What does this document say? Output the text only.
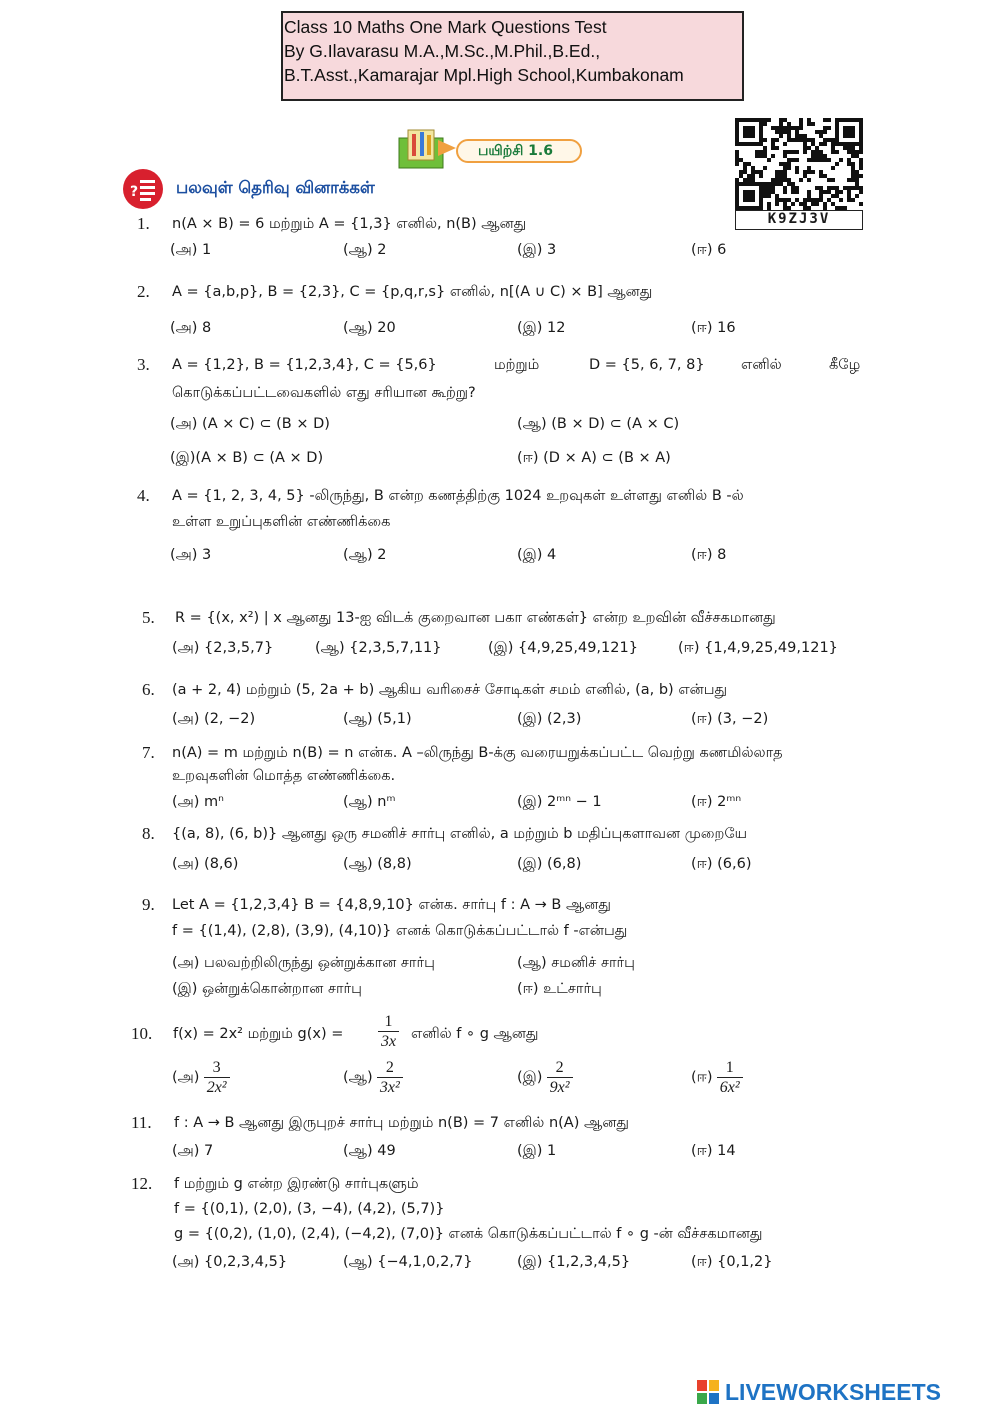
Class 10 Maths One Mark Questions Test
By G.Ilavarasu M.A.,M.Sc.,M.Phil.,B.Ed.,
B.T.Asst.,Kamarajar Mpl.High School,Kumbakonam
பயிற்சி 1.6
K9ZJ3V
? பலவுள் தெரிவு வினாக்கள்
1. n(A × B) = 6 மற்றும் A = {1,3} எனில், n(B) ஆனது
(அ) 1	(ஆ) 2	(இ) 3	(ஈ) 6
2. A = {a,b,p}, B = {2,3}, C = {p,q,r,s} எனில், n[(A ∪ C) × B] ஆனது
(அ) 8	(ஆ) 20	(இ) 12	(ஈ) 16
3. A = {1,2}, B = {1,2,3,4}, C = {5,6}	மற்றும்	D = {5, 6, 7, 8}	எனில்	கீழே
கொடுக்கப்பட்டவைகளில் எது சரியான கூற்று?
(அ) (A × C) ⊂ (B × D)	(ஆ) (B × D) ⊂ (A × C)
(இ)(A × B) ⊂ (A × D)	(ஈ) (D × A) ⊂ (B × A)
4. A = {1, 2, 3, 4, 5} -லிருந்து, B என்ற கணத்திற்கு 1024 உறவுகள் உள்ளது எனில் B -ல்
உள்ள உறுப்புகளின் எண்ணிக்கை
(அ) 3	(ஆ) 2	(இ) 4	(ஈ) 8
5. R = {(x, x²) | x ஆனது 13-ஐ விடக் குறைவான பகா எண்கள்} என்ற உறவின் வீச்சகமானது
(அ) {2,3,5,7}	(ஆ) {2,3,5,7,11}	(இ) {4,9,25,49,121}	(ஈ) {1,4,9,25,49,121}
6. (a + 2, 4) மற்றும் (5, 2a + b) ஆகிய வரிசைச் சோடிகள் சமம் எனில், (a, b) என்பது
(அ) (2, −2)	(ஆ) (5,1)	(இ) (2,3)	(ஈ) (3, −2)
7. n(A) = m மற்றும் n(B) = n என்க. A –லிருந்து B-க்கு வரையறுக்கப்பட்ட வெற்று கணமில்லாத
உறவுகளின் மொத்த எண்ணிக்கை.
(அ) mⁿ	(ஆ) nᵐ	(இ) 2ᵐⁿ − 1	(ஈ) 2ᵐⁿ
8. {(a, 8), (6, b)} ஆனது ஒரு சமனிச் சார்பு எனில், a மற்றும் b மதிப்புகளாவன முறையே
(அ) (8,6)	(ஆ) (8,8)	(இ) (6,8)	(ஈ) (6,6)
9. Let A = {1,2,3,4} B = {4,8,9,10} என்க. சார்பு f : A → B ஆனது
f = {(1,4), (2,8), (3,9), (4,10)} எனக் கொடுக்கப்பட்டால் f -என்பது
(அ) பலவற்றிலிருந்து ஒன்றுக்கான சார்பு	(ஆ) சமனிச் சார்பு
(இ) ஒன்றுக்கொன்றான சார்பு	(ஈ) உட்சார்பு
10. f(x) = 2x² மற்றும் $g(x) = \frac{1}{3x}$ எனில் f ∘ g ஆனது
(அ) $\frac{3}{\text{2x²}}$	(ஆ) $\frac{2}{\text{3x²}}$	(இ) $\frac{2}{\text{9x²}}$	(ஈ) $\frac{1}{\text{6x²}}$
11. f : A → B ஆனது இருபுறச் சார்பு மற்றும் n(B) = 7 எனில் n(A) ஆனது
(அ) 7	(ஆ) 49	(இ) 1	(ஈ) 14
12. f மற்றும் g என்ற இரண்டு சார்புகளும்
f = {(0,1), (2,0), (3, −4), (4,2), (5,7)}
g = {(0,2), (1,0), (2,4), (−4,2), (7,0)} எனக் கொடுக்கப்பட்டால் f ∘ g -ன் வீச்சகமானது
(அ) {0,2,3,4,5}	(ஆ) {−4,1,0,2,7}	(இ) {1,2,3,4,5}	(ஈ) {0,1,2}
LIVEWORKSHEETS
